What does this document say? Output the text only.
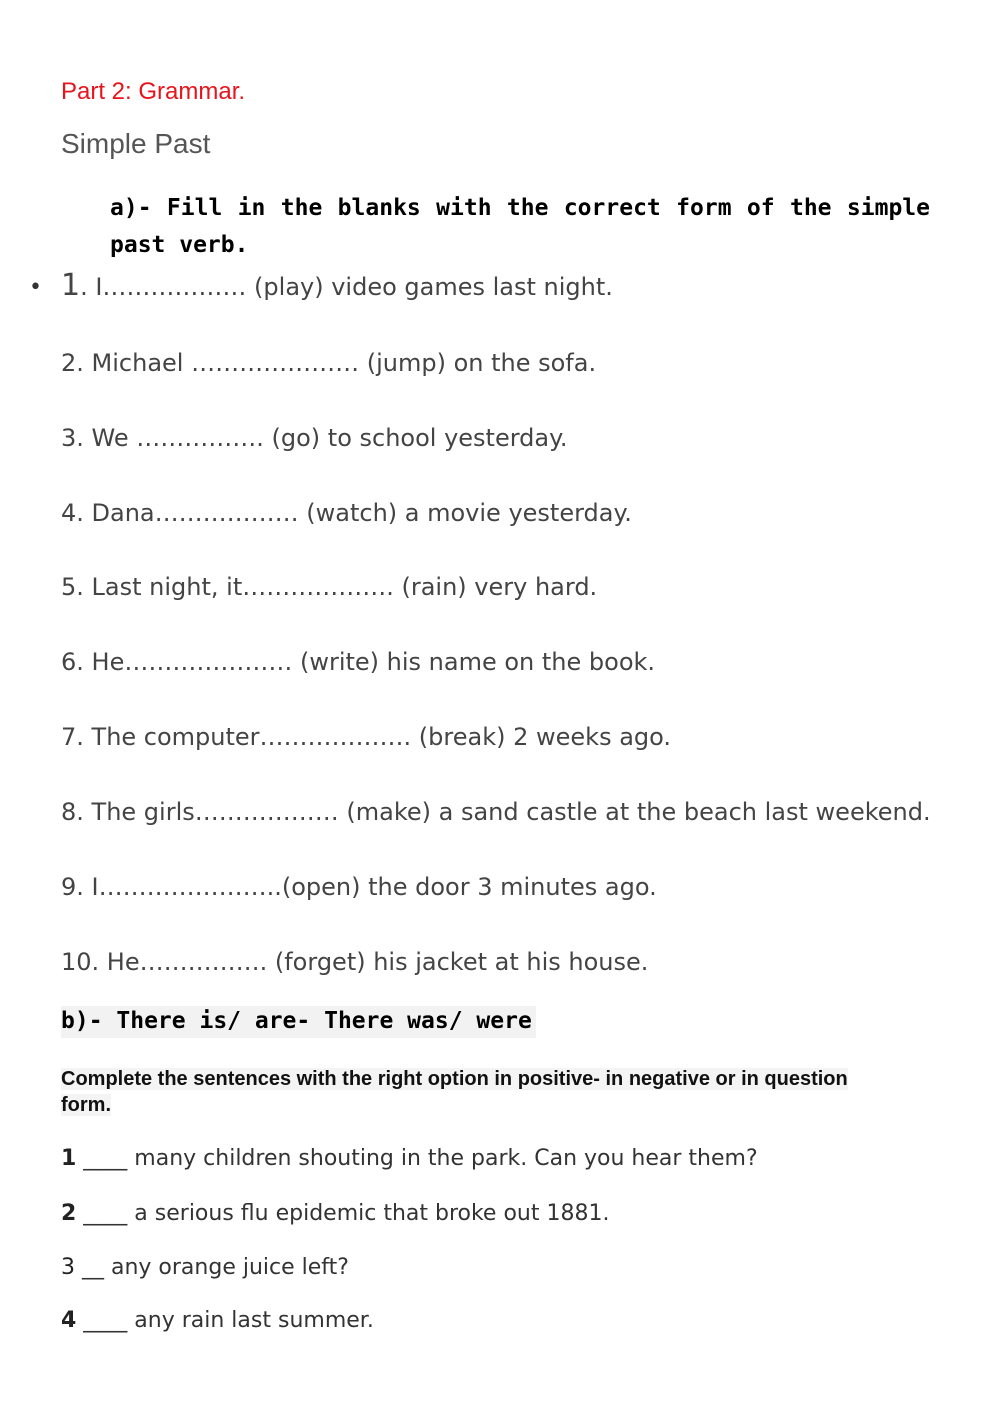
Part 2: Grammar.
Simple Past
a)- Fill in the blanks with the correct form of the simple past verb.
• 1. I……………… (play) video games last night.
2. Michael ………………… (jump) on the sofa.
3. We ……………. (go) to school yesterday.
4. Dana……………… (watch) a movie yesterday.
5. Last night, it………………. (rain) very hard.
6. He………………… (write) his name on the book.
7. The computer………………. (break) 2 weeks ago.
8. The girls……………… (make) a sand castle at the beach last weekend.
9. I…………………..(open) the door 3 minutes ago.
10. He……………. (forget) his jacket at his house.
b)- There is/ are- There was/ were
Complete the sentences with the right option in positive- in negative or in question form.
1 ____ many children shouting in the park. Can you hear them?
2 ____ a serious flu epidemic that broke out 1881.
3 __ any orange juice left?
4 ____ any rain last summer.
